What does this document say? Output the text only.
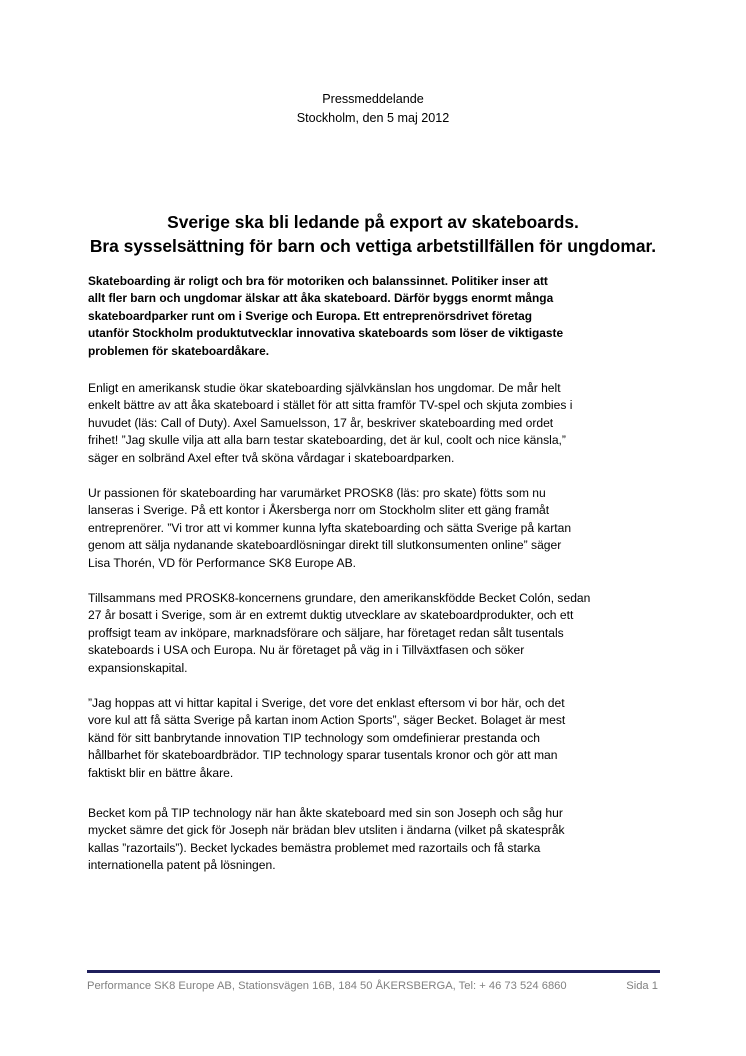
Pressmeddelande
Stockholm, den 5 maj 2012
Sverige ska bli ledande på export av skateboards.
Bra sysselsättning för barn och vettiga arbetstillfällen för ungdomar.
Skateboarding är roligt och bra för motoriken och balanssinnet. Politiker inser att
allt fler barn och ungdomar älskar att åka skateboard. Därför byggs enormt många
skateboardparker runt om i Sverige och Europa. Ett entreprenörsdrivet företag
utanför Stockholm produktutvecklar innovativa skateboards som löser de viktigaste
problemen för skateboardåkare.
Enligt en amerikansk studie ökar skateboarding självkänslan hos ungdomar. De mår helt
enkelt bättre av att åka skateboard i stället för att sitta framför TV-spel och skjuta zombies i
huvudet (läs: Call of Duty). Axel Samuelsson, 17 år, beskriver skateboarding med ordet
frihet! ”Jag skulle vilja att alla barn testar skateboarding, det är kul, coolt och nice känsla,”
säger en solbränd Axel efter två sköna vårdagar i skateboardparken.
Ur passionen för skateboarding har varumärket PROSK8 (läs: pro skate) fötts som nu
lanseras i Sverige. På ett kontor i Åkersberga norr om Stockholm sliter ett gäng framåt
entreprenörer. ”Vi tror att vi kommer kunna lyfta skateboarding och sätta Sverige på kartan
genom att sälja nydanande skateboardlösningar direkt till slutkonsumenten online” säger
Lisa Thorén, VD för Performance SK8 Europe AB.
Tillsammans med PROSK8-koncernens grundare, den amerikanskfödde Becket Colón, sedan
27 år bosatt i Sverige, som är en extremt duktig utvecklare av skateboardprodukter, och ett
proffsigt team av inköpare, marknadsförare och säljare, har företaget redan sålt tusentals
skateboards i USA och Europa. Nu är företaget på väg in i Tillväxtfasen och söker
expansionskapital.
”Jag hoppas att vi hittar kapital i Sverige, det vore det enklast eftersom vi bor här, och det
vore kul att få sätta Sverige på kartan inom Action Sports”, säger Becket. Bolaget är mest
känd för sitt banbrytande innovation TIP technology som omdefinierar prestanda och
hållbarhet för skateboardbrädor. TIP technology sparar tusentals kronor och gör att man
faktiskt blir en bättre åkare.
Becket kom på TIP technology när han åkte skateboard med sin son Joseph och såg hur
mycket sämre det gick för Joseph när brädan blev utsliten i ändarna (vilket på skatespråk
kallas ”razortails”). Becket lyckades bemästra problemet med razortails och få starka
internationella patent på lösningen.
Performance SK8 Europe AB, Stationsvägen 16B, 184 50 ÅKERSBERGA, Tel: + 46 73 524 6860	Sida 1
